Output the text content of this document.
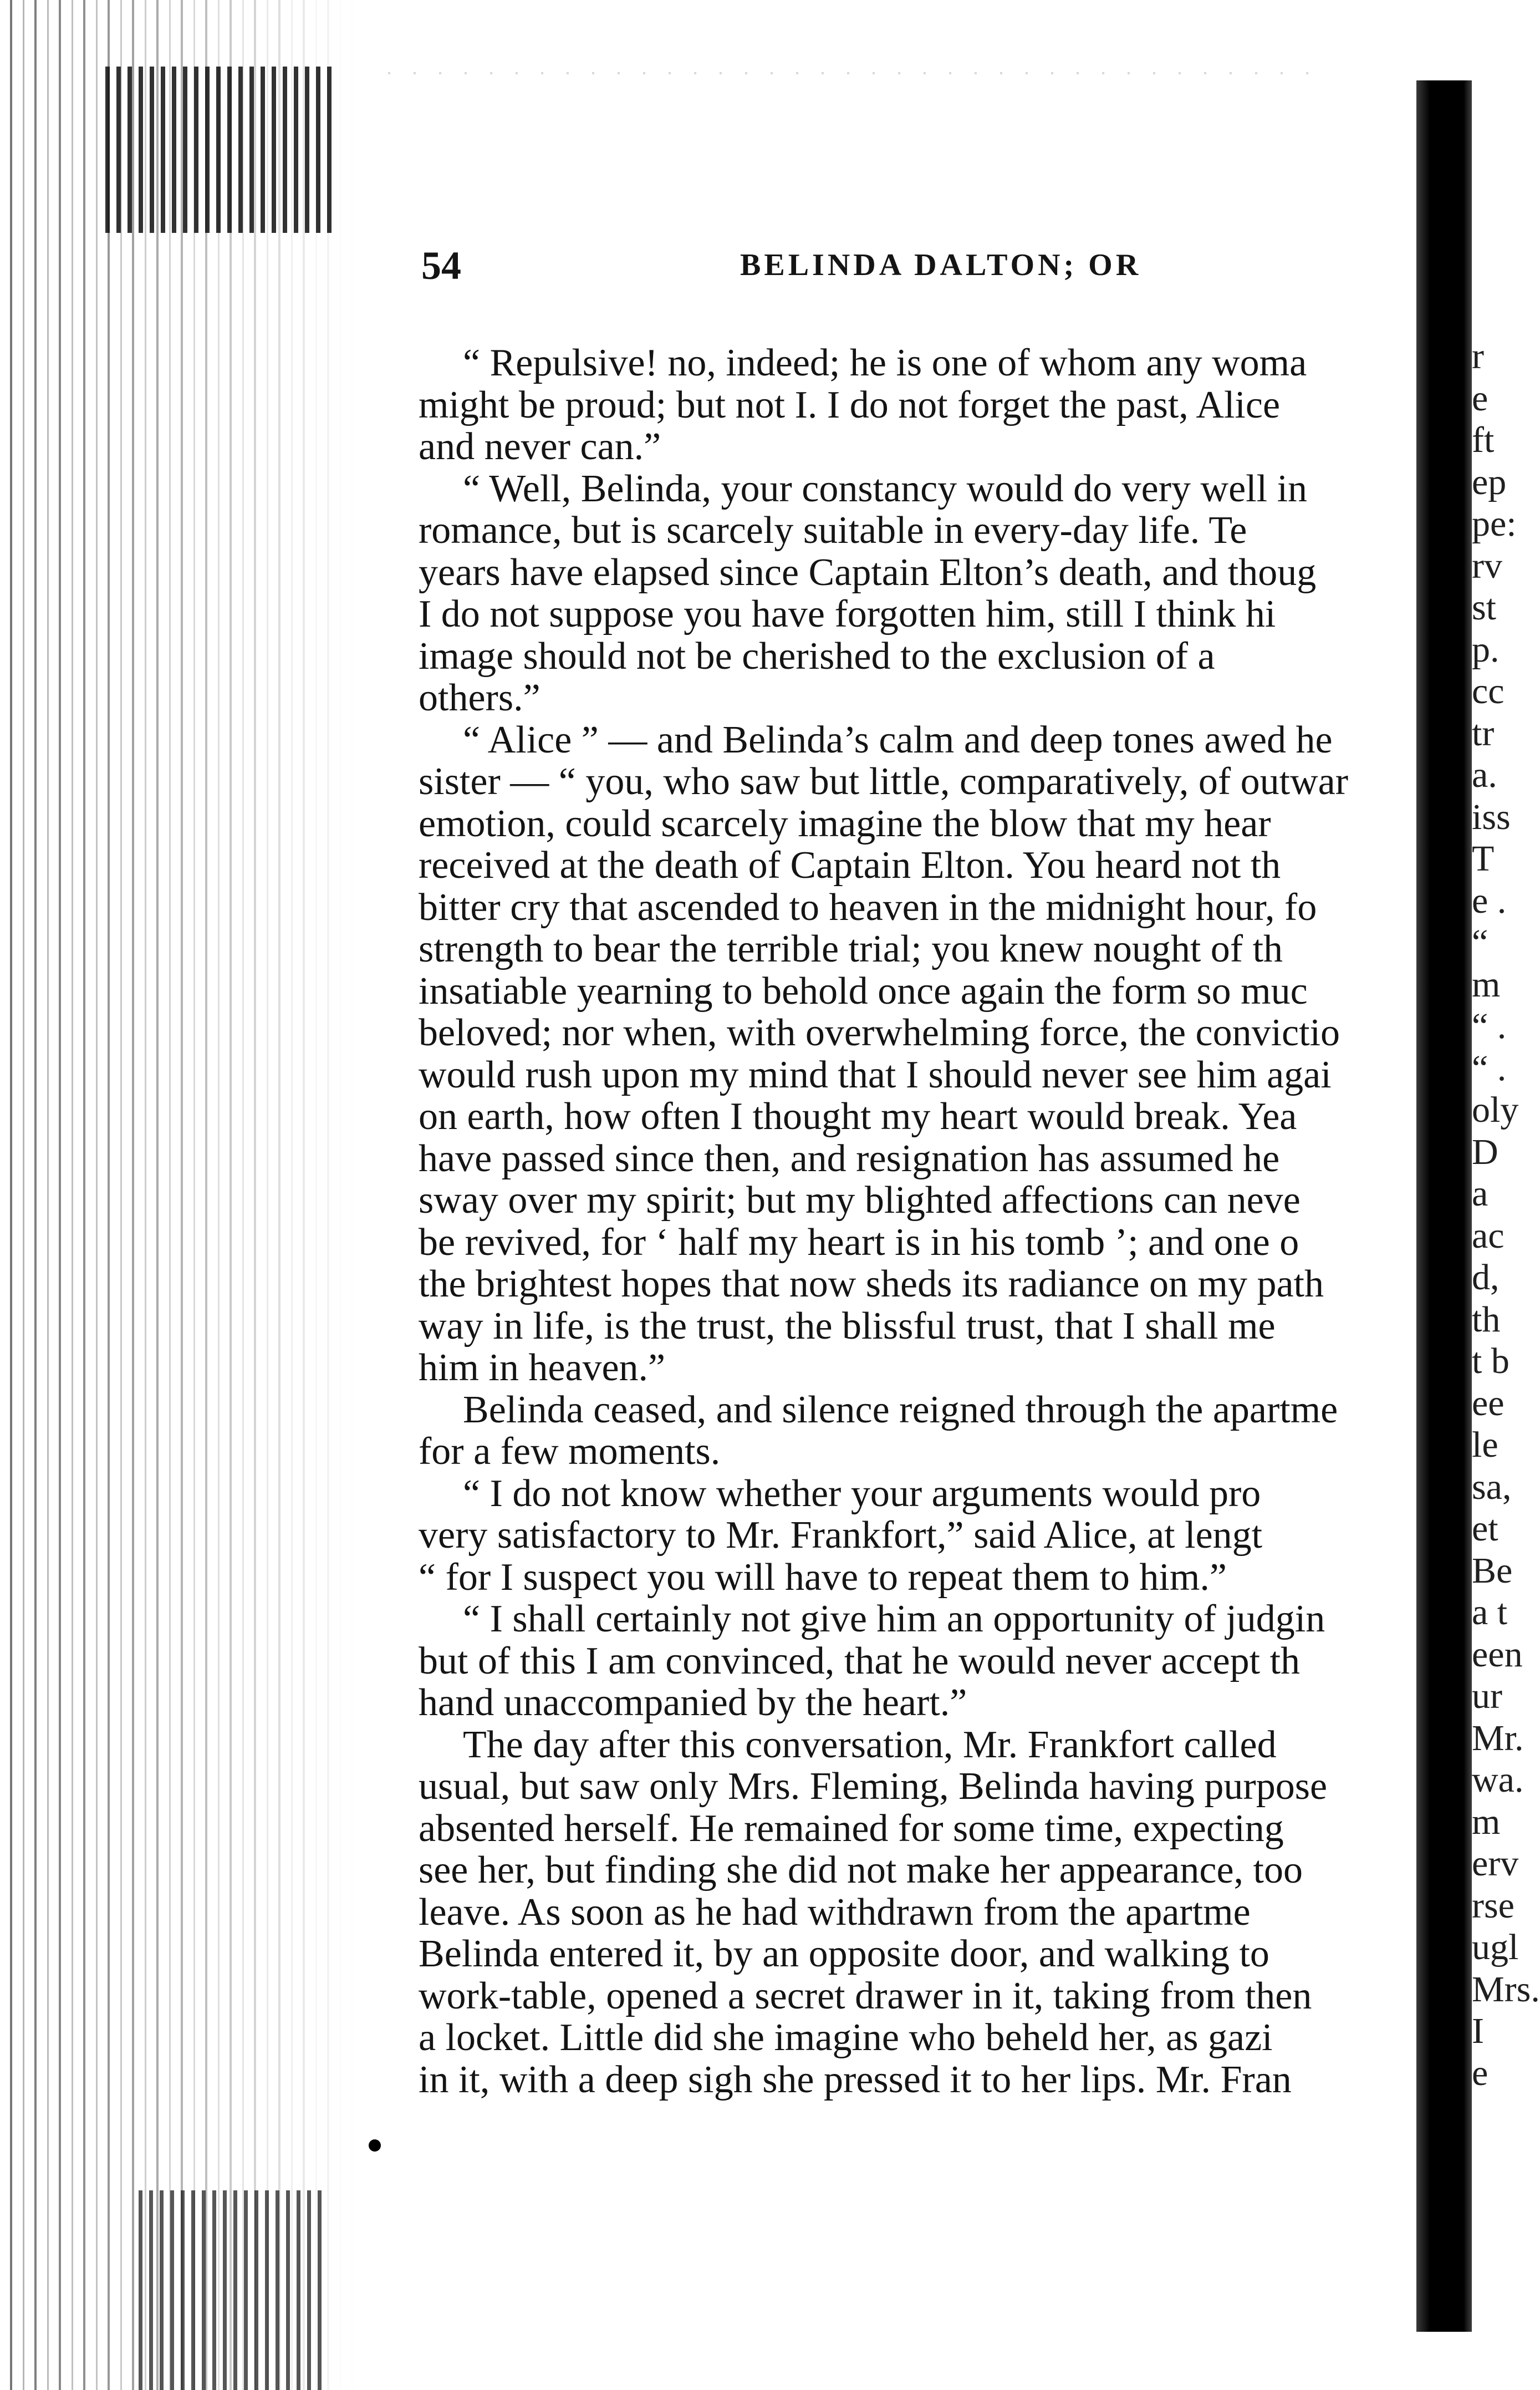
54	BELINDA DALTON; OR
“ Repulsive! no, indeed; he is one of whom any woma
might be proud; but not I. I do not forget the past, Alice
and never can.”
“ Well, Belinda, your constancy would do very well in
romance, but is scarcely suitable in every-day life. Te
years have elapsed since Captain Elton’s death, and thoug
I do not suppose you have forgotten him, still I think hi
image should not be cherished to the exclusion of a
others.”
“ Alice ” — and Belinda’s calm and deep tones awed he
sister — “ you, who saw but little, comparatively, of outwar
emotion, could scarcely imagine the blow that my hear
received at the death of Captain Elton. You heard not th
bitter cry that ascended to heaven in the midnight hour, fo
strength to bear the terrible trial; you knew nought of th
insatiable yearning to behold once again the form so muc
beloved; nor when, with overwhelming force, the convictio
would rush upon my mind that I should never see him agai
on earth, how often I thought my heart would break. Yea
have passed since then, and resignation has assumed he
sway over my spirit; but my blighted affections can neve
be revived, for ‘ half my heart is in his tomb ’; and one o
the brightest hopes that now sheds its radiance on my path
way in life, is the trust, the blissful trust, that I shall me
him in heaven.”
Belinda ceased, and silence reigned through the apartme
for a few moments.
“ I do not know whether your arguments would pro
very satisfactory to Mr. Frankfort,” said Alice, at lengt
“ for I suspect you will have to repeat them to him.”
“ I shall certainly not give him an opportunity of judgin
but of this I am convinced, that he would never accept th
hand unaccompanied by the heart.”
The day after this conversation, Mr. Frankfort called
usual, but saw only Mrs. Fleming, Belinda having purpose
absented herself. He remained for some time, expecting
see her, but finding she did not make her appearance, too
leave. As soon as he had withdrawn from the apartme
Belinda entered it, by an opposite door, and walking to
work-table, opened a secret drawer in it, taking from then
a locket. Little did she imagine who beheld her, as gazi
in it, with a deep sigh she pressed it to her lips. Mr. Fran
r
e
ft
ep
pe:
rv
st
p.
cc
tr
a.
iss
T
e .
“
m
“ .
“ .
oly
D
a
ac
d,
th
t b
ee
le
sa,
et
Be
a t
een
ur
Mr.
wa.
m
erv
rse
ugl
Mrs.
I
e
